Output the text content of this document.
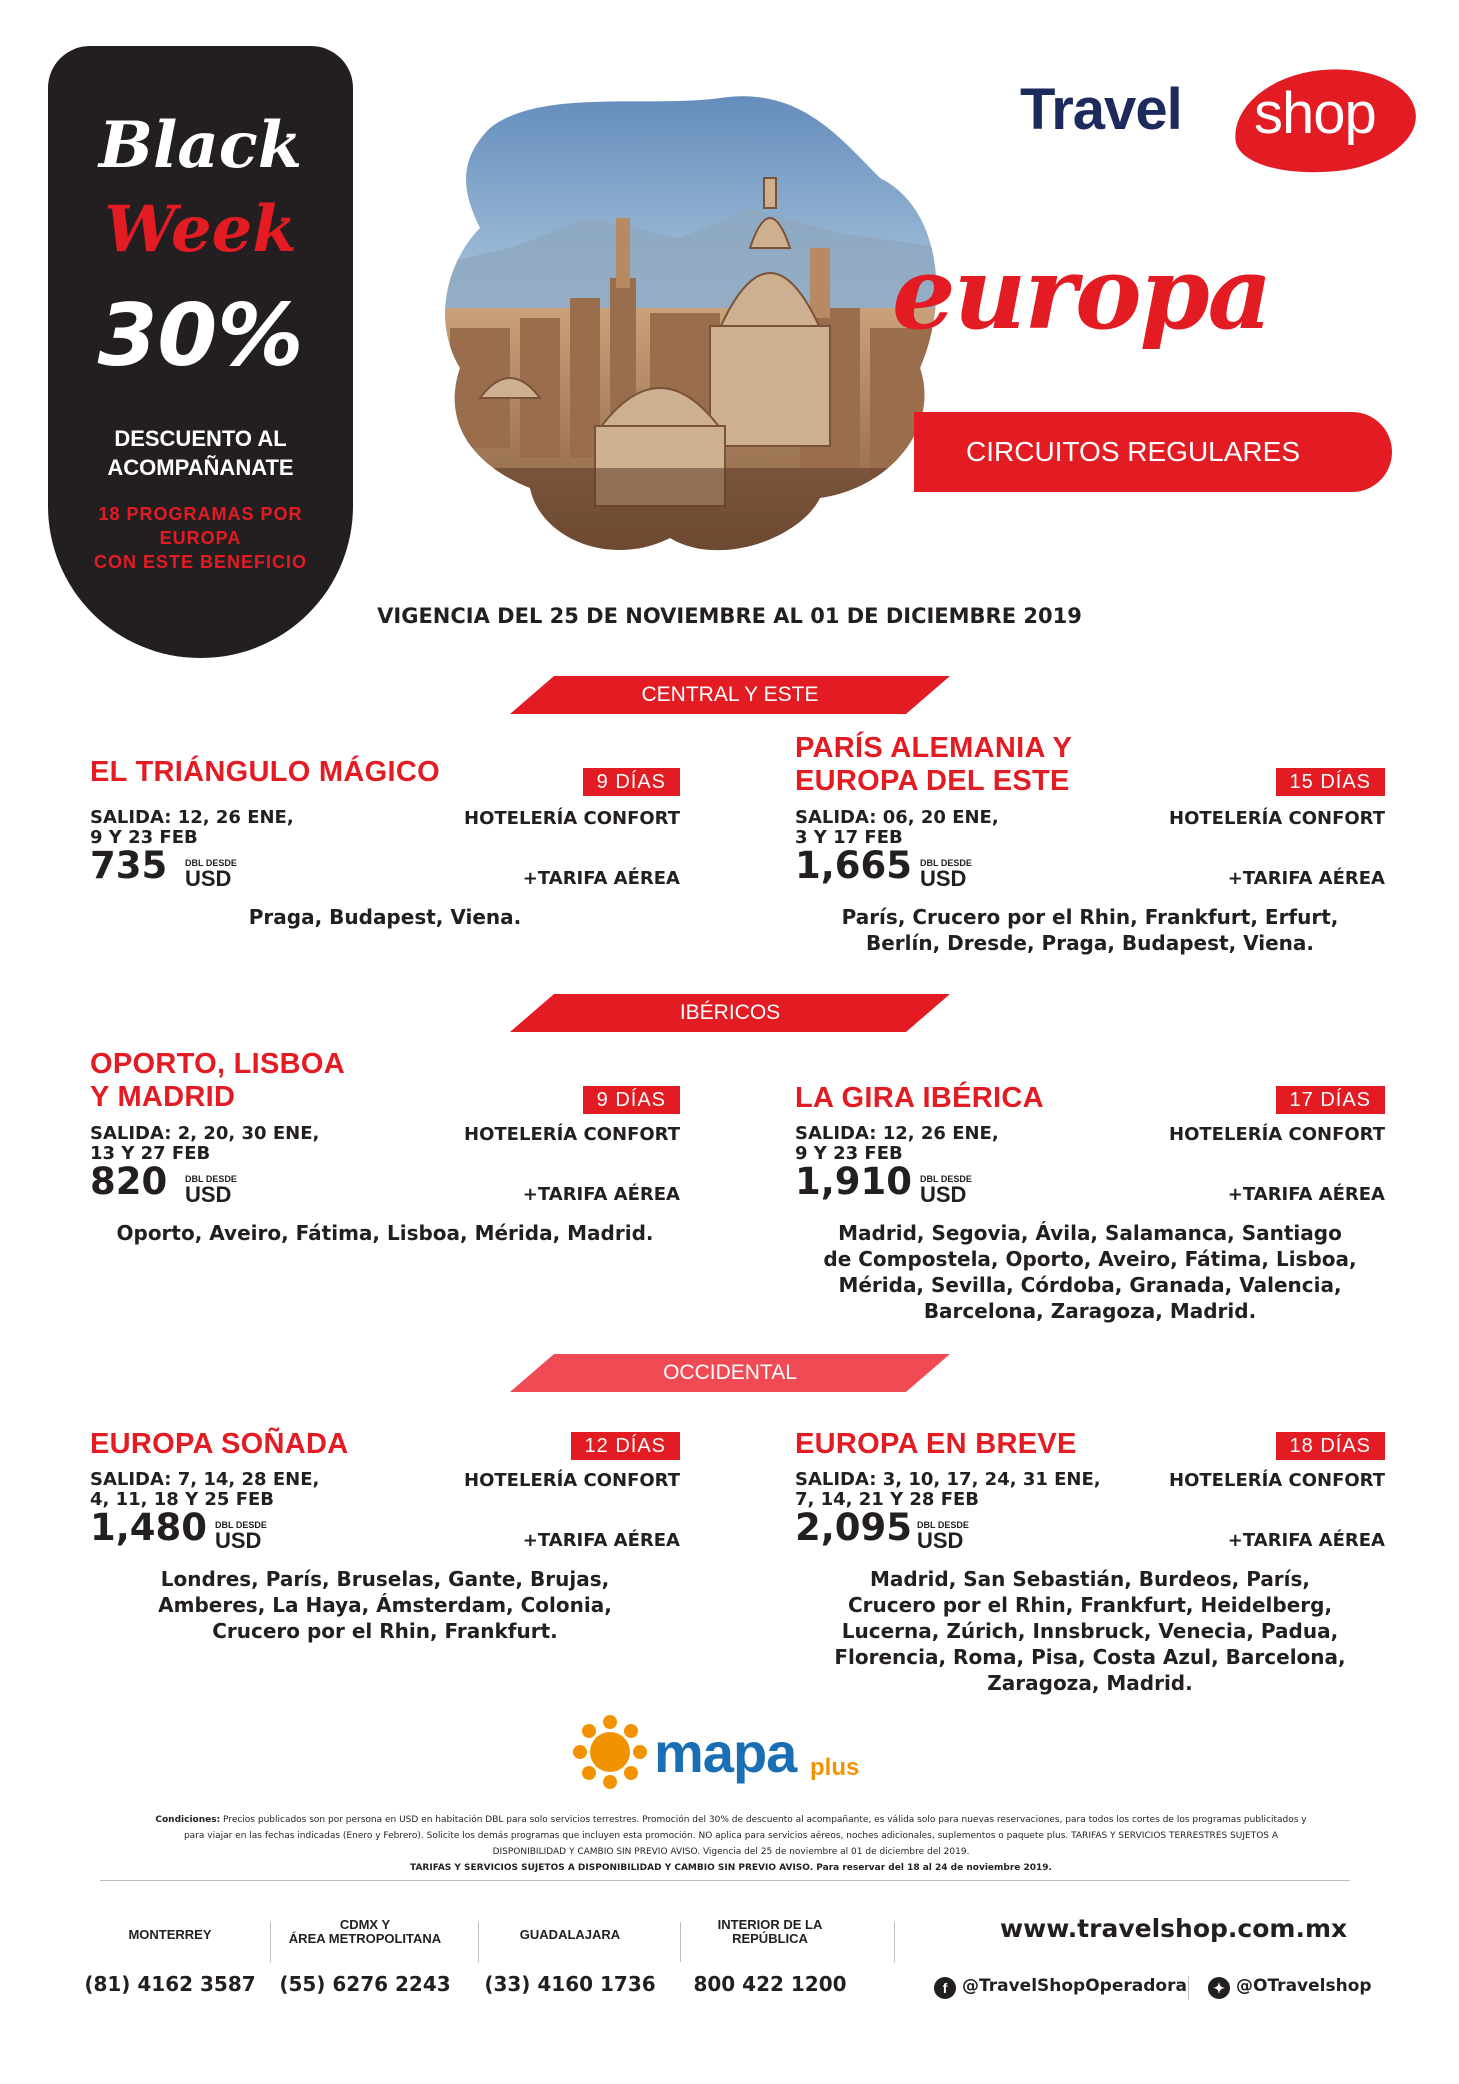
Black
Week
30%
DESCUENTO AL
ACOMPAÑANATE
18 PROGRAMAS POR
EUROPA
CON ESTE BENEFICIO
Travel shop
europa
CIRCUITOS REGULARES
VIGENCIA DEL 25 DE NOVIEMBRE AL 01 DE DICIEMBRE 2019
CENTRAL Y ESTE
IBÉRICOS
OCCIDENTAL
EL TRIÁNGULO MÁGICO	9 DÍAS
SALIDA: 12, 26 ENE,
9 Y 23 FEB
HOTELERÍA CONFORT
735 DBL DESDE
USD	+TARIFA AÉREA
Praga, Budapest, Viena.
PARÍS ALEMANIA Y
EUROPA DEL ESTE	15 DÍAS
SALIDA: 06, 20 ENE,
3 Y 17 FEB
HOTELERÍA CONFORT
1,665 DBL DESDE
USD	+TARIFA AÉREA
París, Crucero por el Rhin, Frankfurt, Erfurt,
Berlín, Dresde, Praga, Budapest, Viena.
OPORTO, LISBOA
Y MADRID	9 DÍAS
SALIDA: 2, 20, 30 ENE,
13 Y 27 FEB
HOTELERÍA CONFORT
820 DBL DESDE
USD	+TARIFA AÉREA
Oporto, Aveiro, Fátima, Lisboa, Mérida, Madrid.
LA GIRA IBÉRICA	17 DÍAS
SALIDA: 12, 26 ENE,
9 Y 23 FEB
HOTELERÍA CONFORT
1,910 DBL DESDE
USD	+TARIFA AÉREA
Madrid, Segovia, Ávila, Salamanca, Santiago
de Compostela, Oporto, Aveiro, Fátima, Lisboa,
Mérida, Sevilla, Córdoba, Granada, Valencia,
Barcelona, Zaragoza, Madrid.
EUROPA SOÑADA	12 DÍAS
SALIDA: 7, 14, 28 ENE,
4, 11, 18 Y 25 FEB
HOTELERÍA CONFORT
1,480 DBL DESDE
USD	+TARIFA AÉREA
Londres, París, Bruselas, Gante, Brujas,
Amberes, La Haya, Ámsterdam, Colonia,
Crucero por el Rhin, Frankfurt.
EUROPA EN BREVE	18 DÍAS
SALIDA: 3, 10, 17, 24, 31 ENE,
7, 14, 21 Y 28 FEB
HOTELERÍA CONFORT
2,095 DBL DESDE
USD	+TARIFA AÉREA
Madrid, San Sebastián, Burdeos, París,
Crucero por el Rhin, Frankfurt, Heidelberg,
Lucerna, Zúrich, Innsbruck, Venecia, Padua,
Florencia, Roma, Pisa, Costa Azul, Barcelona,
Zaragoza, Madrid.
mapa plus
Condiciones: Precios publicados son por persona en USD en habitación DBL para solo servicios terrestres. Promoción del 30% de descuento al acompañante, es válida solo para nuevas reservaciones, para todos los cortes de los programas publicitados y
para viajar en las fechas indicadas (Enero y Febrero). Solicite los demás programas que incluyen esta promoción. NO aplica para servicios aéreos, noches adicionales, suplementos o paquete plus. TARIFAS Y SERVICIOS TERRESTRES SUJETOS A
DISPONIBILIDAD Y CAMBIO SIN PREVIO AVISO. Vigencia del 25 de noviembre al 01 de diciembre del 2019.
TARIFAS Y SERVICIOS SUJETOS A DISPONIBILIDAD Y CAMBIO SIN PREVIO AVISO. Para reservar del 18 al 24 de noviembre 2019.
MONTERREY
(81) 4162 3587
CDMX Y
ÁREA METROPOLITANA
(55) 6276 2243
GUADALAJARA
(33) 4160 1736
INTERIOR DE LA
REPÚBLICA
800 422 1200
www.travelshop.com.mx
f @TravelShopOperadora	✦ @OTravelshop
